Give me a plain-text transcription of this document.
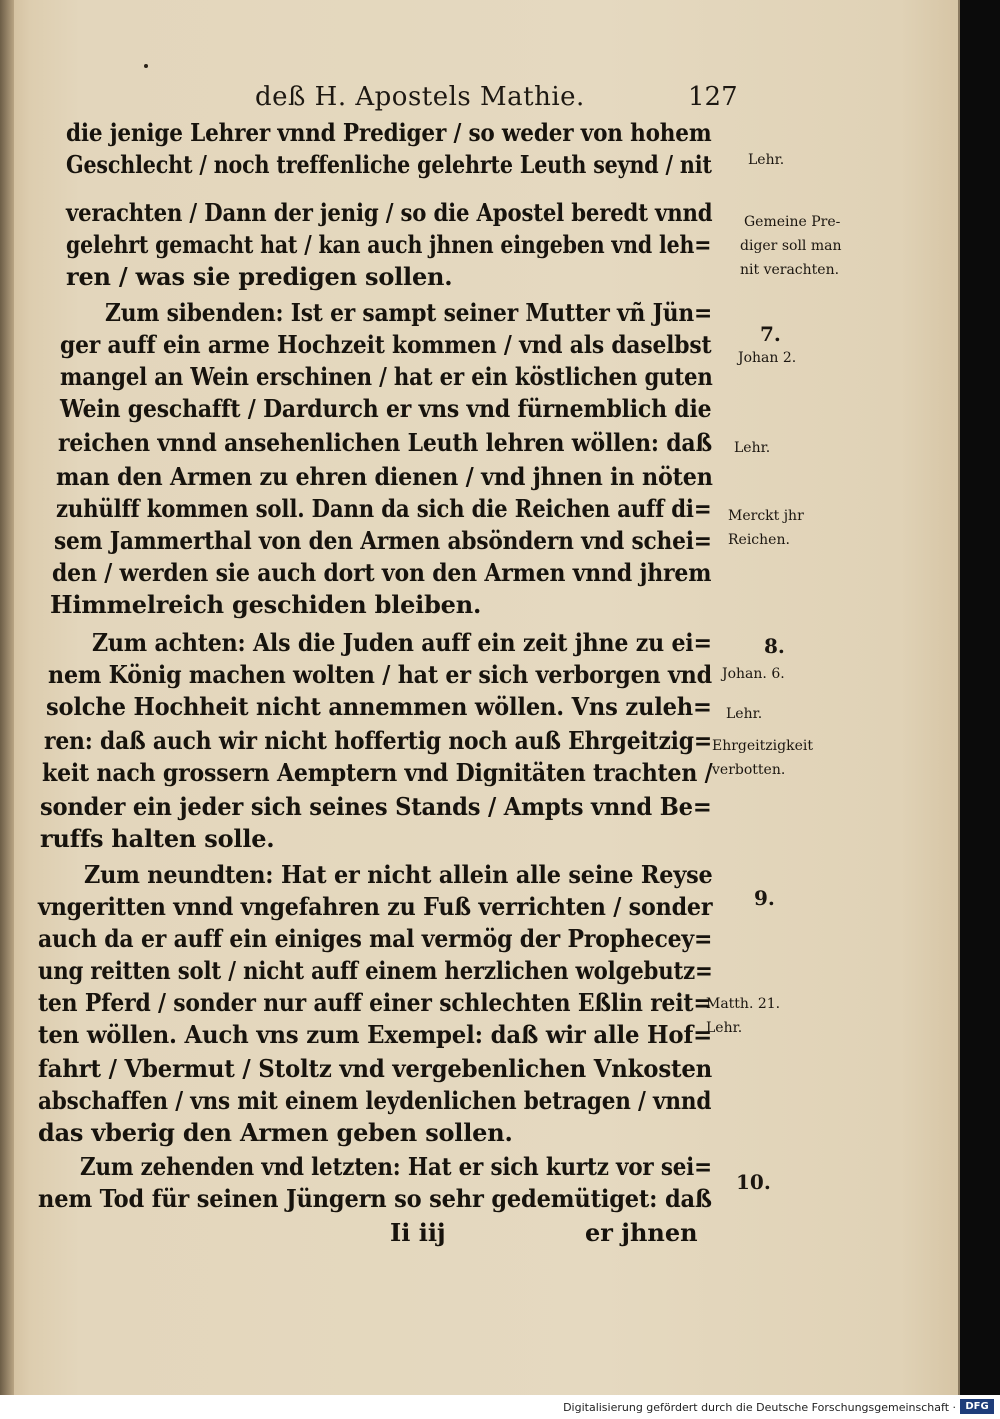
deß H. Apostels Mathie.	127
die jenige Lehrer vnnd Prediger / so weder von hohem
Geschlecht / noch treffenliche gelehrte Leuth seynd / nit
verachten / Dann der jenig / so die Apostel beredt vnnd
gelehrt gemacht hat / kan auch jhnen eingeben vnd leh=
ren / was sie predigen sollen.
Zum sibenden: Ist er sampt seiner Mutter vñ Jün=
ger auff ein arme Hochzeit kommen / vnd als daselbst
mangel an Wein erschinen / hat er ein köstlichen guten
Wein geschafft / Dardurch er vns vnd fürnemblich die
reichen vnnd ansehenlichen Leuth lehren wöllen: daß
man den Armen zu ehren dienen / vnd jhnen in nöten
zuhülff kommen soll. Dann da sich die Reichen auff di=
sem Jammerthal von den Armen absöndern vnd schei=
den / werden sie auch dort von den Armen vnnd jhrem
Himmelreich geschiden bleiben.
Zum achten: Als die Juden auff ein zeit jhne zu ei=
nem König machen wolten / hat er sich verborgen vnd
solche Hochheit nicht annemmen wöllen. Vns zuleh=
ren: daß auch wir nicht hoffertig noch auß Ehrgeitzig=
keit nach grossern Aemptern vnd Dignitäten trachten /
sonder ein jeder sich seines Stands / Ampts vnnd Be=
ruffs halten solle.
Zum neundten: Hat er nicht allein alle seine Reyse
vngeritten vnnd vngefahren zu Fuß verrichten / sonder
auch da er auff ein einiges mal vermög der Prophecey=
ung reitten solt / nicht auff einem herzlichen wolgebutz=
ten Pferd / sonder nur auff einer schlechten Eßlin reit=
ten wöllen. Auch vns zum Exempel: daß wir alle Hof=
fahrt / Vbermut / Stoltz vnd vergebenlichen Vnkosten
abschaffen / vns mit einem leydenlichen betragen / vnnd
das vberig den Armen geben sollen.
Zum zehenden vnd letzten: Hat er sich kurtz vor sei=
nem Tod für seinen Jüngern so sehr gedemütiget: daß
Ii iij	er jhnen
Lehr.
Gemeine Pre-
diger soll man
nit verachten.
7.
Johan 2.
Lehr.
Merckt jhr
Reichen.
8.
Johan. 6.
Lehr.
Ehrgeitzigkeit
verbotten.
9.
Matth. 21.
Lehr.
10.
Digitalisierung gefördert durch die Deutsche Forschungsgemeinschaft · DFG
